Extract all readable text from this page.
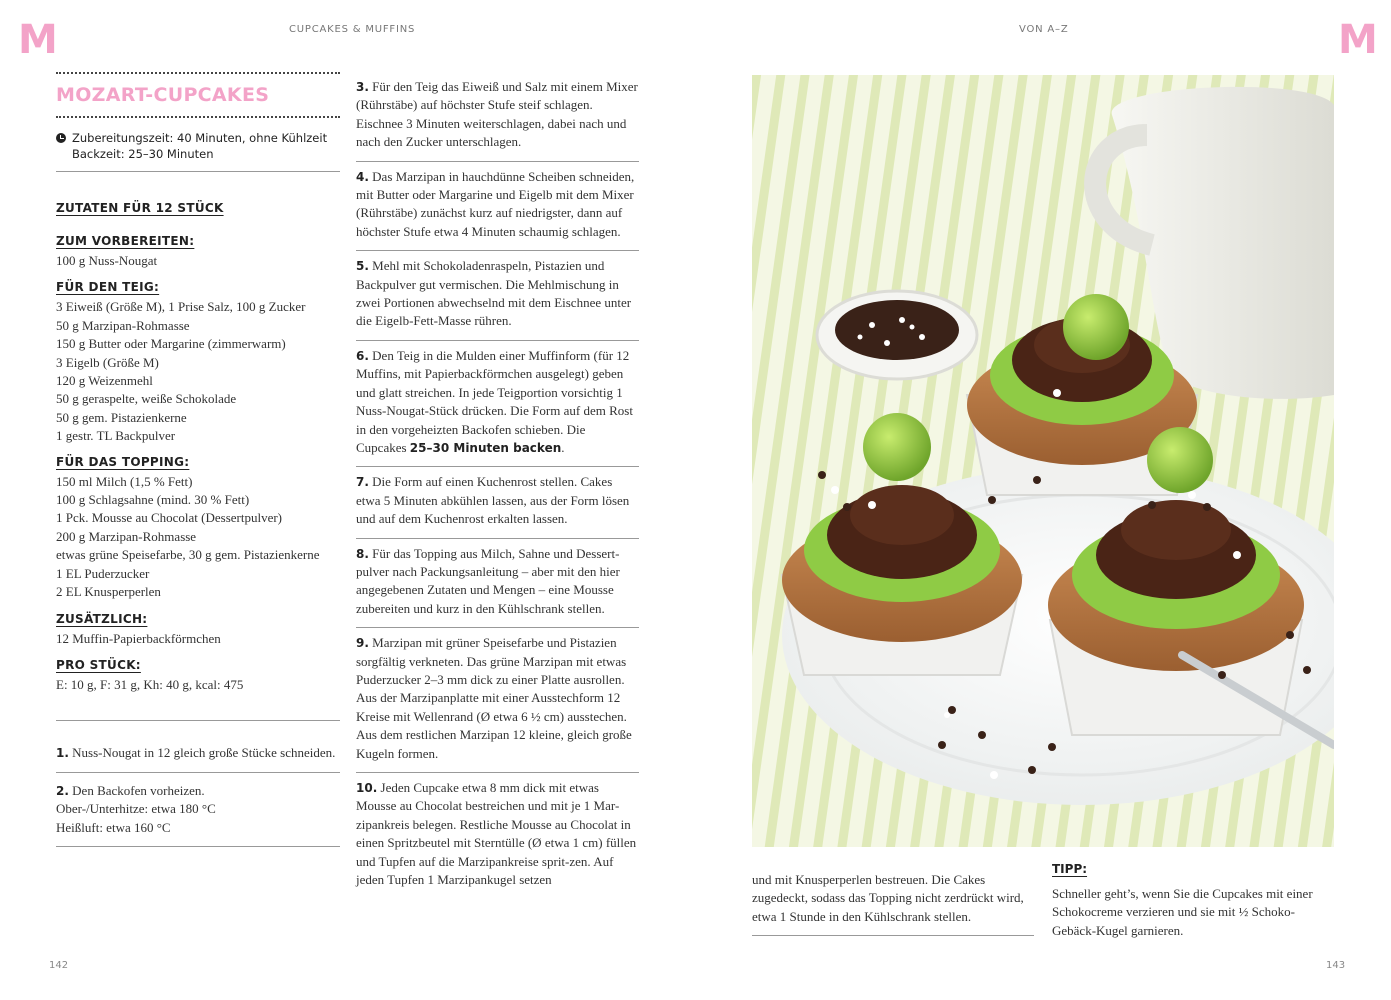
M	CUPCAKES & MUFFINS	VON A–Z	M
MOZART-CUPCAKES
Zubereitungszeit: 40 Minuten, ohne Kühlzeit
Backzeit: 25–30 Minuten
ZUTATEN FÜR 12 STÜCK
ZUM VORBEREITEN:
100 g Nuss-Nougat
FÜR DEN TEIG:
3 Eiweiß (Größe M), 1 Prise Salz, 100 g Zucker
50 g Marzipan-Rohmasse
150 g Butter oder Margarine (zimmerwarm)
3 Eigelb (Größe M)
120 g Weizenmehl
50 g geraspelte, weiße Schokolade
50 g gem. Pistazienkerne
1 gestr. TL Backpulver
FÜR DAS TOPPING:
150 ml Milch (1,5 % Fett)
100 g Schlagsahne (mind. 30 % Fett)
1 Pck. Mousse au Chocolat (Dessertpulver)
200 g Marzipan-Rohmasse
etwas grüne Speisefarbe, 30 g gem. Pistazienkerne
1 EL Puderzucker
2 EL Knusperperlen
ZUSÄTZLICH:
12 Muffin-Papierbackförmchen
PRO STÜCK:
E: 10 g, F: 31 g, Kh: 40 g, kcal: 475
1. Nuss-Nougat in 12 gleich große Stücke schneiden.
2. Den Backofen vorheizen.
Ober-/Unterhitze: etwa 180 °C
Heißluft: etwa 160 °C
3. Für den Teig das Eiweiß und Salz mit einem Mixer (Rührstäbe) auf höchster Stufe steif schlagen. Eischnee 3 Minuten weiterschlagen, dabei nach und nach den Zucker unterschlagen.
4. Das Marzipan in hauchdünne Scheiben schneiden, mit Butter oder Margarine und Eigelb mit dem Mixer (Rührstäbe) zunächst kurz auf niedrigster, dann auf höchster Stufe etwa 4 Minuten schaumig schlagen.
5. Mehl mit Schokoladenraspeln, Pistazien und Backpulver gut vermischen. Die Mehlmischung in zwei Portionen abwechselnd mit dem Eischnee unter die Eigelb-Fett-Masse rühren.
6. Den Teig in die Mulden einer Muffinform (für 12 Muffins, mit Papierbackförmchen ausgelegt) geben und glatt streichen. In jede Teigportion vorsichtig 1 Nuss-Nougat-Stück drücken. Die Form auf dem Rost in den vorgeheizten Backofen schieben. Die Cupcakes 25–30 Minuten backen.
7. Die Form auf einen Kuchenrost stellen. Cakes etwa 5 Minuten abkühlen lassen, aus der Form lösen und auf dem Kuchenrost erkalten lassen.
8. Für das Topping aus Milch, Sahne und Dessert-pulver nach Packungsanleitung – aber mit den hier angegebenen Zutaten und Mengen – eine Mousse zubereiten und kurz in den Kühlschrank stellen.
9. Marzipan mit grüner Speisefarbe und Pistazien sorgfältig verkneten. Das grüne Marzipan mit etwas Puderzucker 2–3 mm dick zu einer Platte ausrollen. Aus der Marzipanplatte mit einer Ausstechform 12 Kreise mit Wellenrand (Ø etwa 6 ½ cm) ausstechen. Aus dem restlichen Marzipan 12 kleine, gleich große Kugeln formen.
10. Jeden Cupcake etwa 8 mm dick mit etwas Mousse au Chocolat bestreichen und mit je 1 Mar-zipankreis belegen. Restliche Mousse au Chocolat in einen Spritzbeutel mit Sterntülle (Ø etwa 1 cm) füllen und Tupfen auf die Marzipankreise sprit-zen. Auf jeden Tupfen 1 Marzipankugel setzen	und mit Knusperperlen bestreuen. Die Cakes zugedeckt, sodass das Topping nicht zerdrückt wird, etwa 1 Stunde in den Kühlschrank stellen.
TIPP:
Schneller geht’s, wenn Sie die Cupcakes mit einer Schokocreme verzieren und sie mit ½ Schoko-Gebäck-Kugel garnieren.
142	143
